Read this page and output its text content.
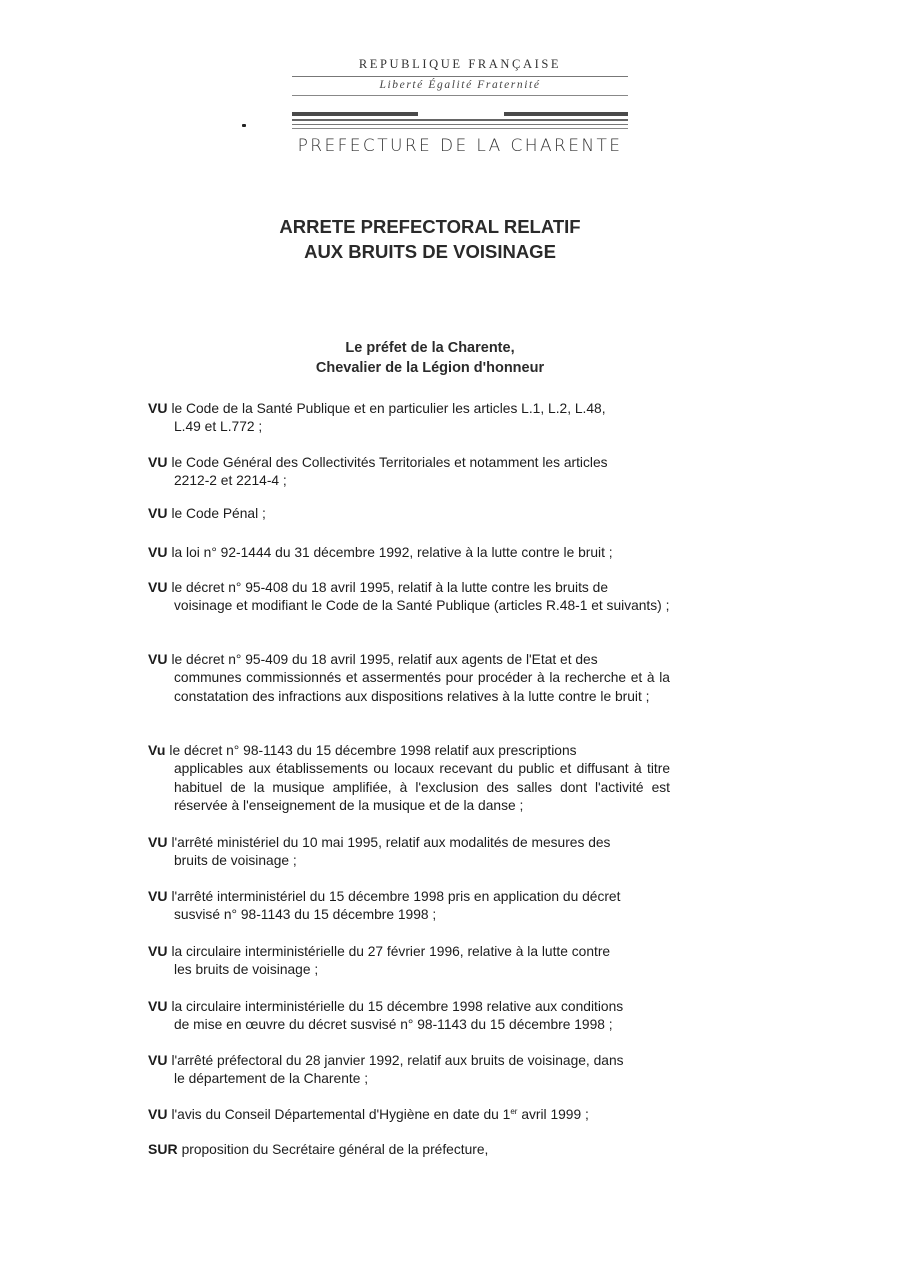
REPUBLIQUE FRANÇAISE
Liberté Égalité Fraternité
PREFECTURE DE LA CHARENTE
ARRETE PREFECTORAL RELATIF
AUX BRUITS DE VOISINAGE
Le préfet de la Charente,
Chevalier de la Légion d'honneur
VU le Code de la Santé Publique et en particulier les articles L.1, L.2, L.48,
L.49 et L.772 ;
VU le Code Général des Collectivités Territoriales et notamment les articles
2212-2 et 2214-4 ;
VU le Code Pénal ;
VU la loi n° 92-1444 du 31 décembre 1992, relative à la lutte contre le bruit ;
VU le décret n° 95-408 du 18 avril 1995, relatif à la lutte contre les bruits de
voisinage et modifiant le Code de la Santé Publique (articles R.48-1 et suivants) ;
VU le décret n° 95-409 du 18 avril 1995, relatif aux agents de l'Etat et des
communes commissionnés et assermentés pour procéder à la recherche et à la constatation des infractions aux dispositions relatives à la lutte contre le bruit ;
Vu le décret n° 98-1143 du 15 décembre 1998 relatif aux prescriptions
applicables aux établissements ou locaux recevant du public et diffusant à titre habituel de la musique amplifiée, à l'exclusion des salles dont l'activité est réservée à l'enseignement de la musique et de la danse ;
VU l'arrêté ministériel du 10 mai 1995, relatif aux modalités de mesures des
bruits de voisinage ;
VU l'arrêté interministériel du 15 décembre 1998 pris en application du décret
susvisé n° 98-1143 du 15 décembre 1998 ;
VU la circulaire interministérielle du 27 février 1996, relative à la lutte contre
les bruits de voisinage ;
VU la circulaire interministérielle du 15 décembre 1998 relative aux conditions
de mise en œuvre du décret susvisé n° 98-1143 du 15 décembre 1998 ;
VU l'arrêté préfectoral du 28 janvier 1992, relatif aux bruits de voisinage, dans
le département de la Charente ;
VU l'avis du Conseil Départemental d'Hygiène en date du 1er avril 1999 ;
SUR proposition du Secrétaire général de la préfecture,
